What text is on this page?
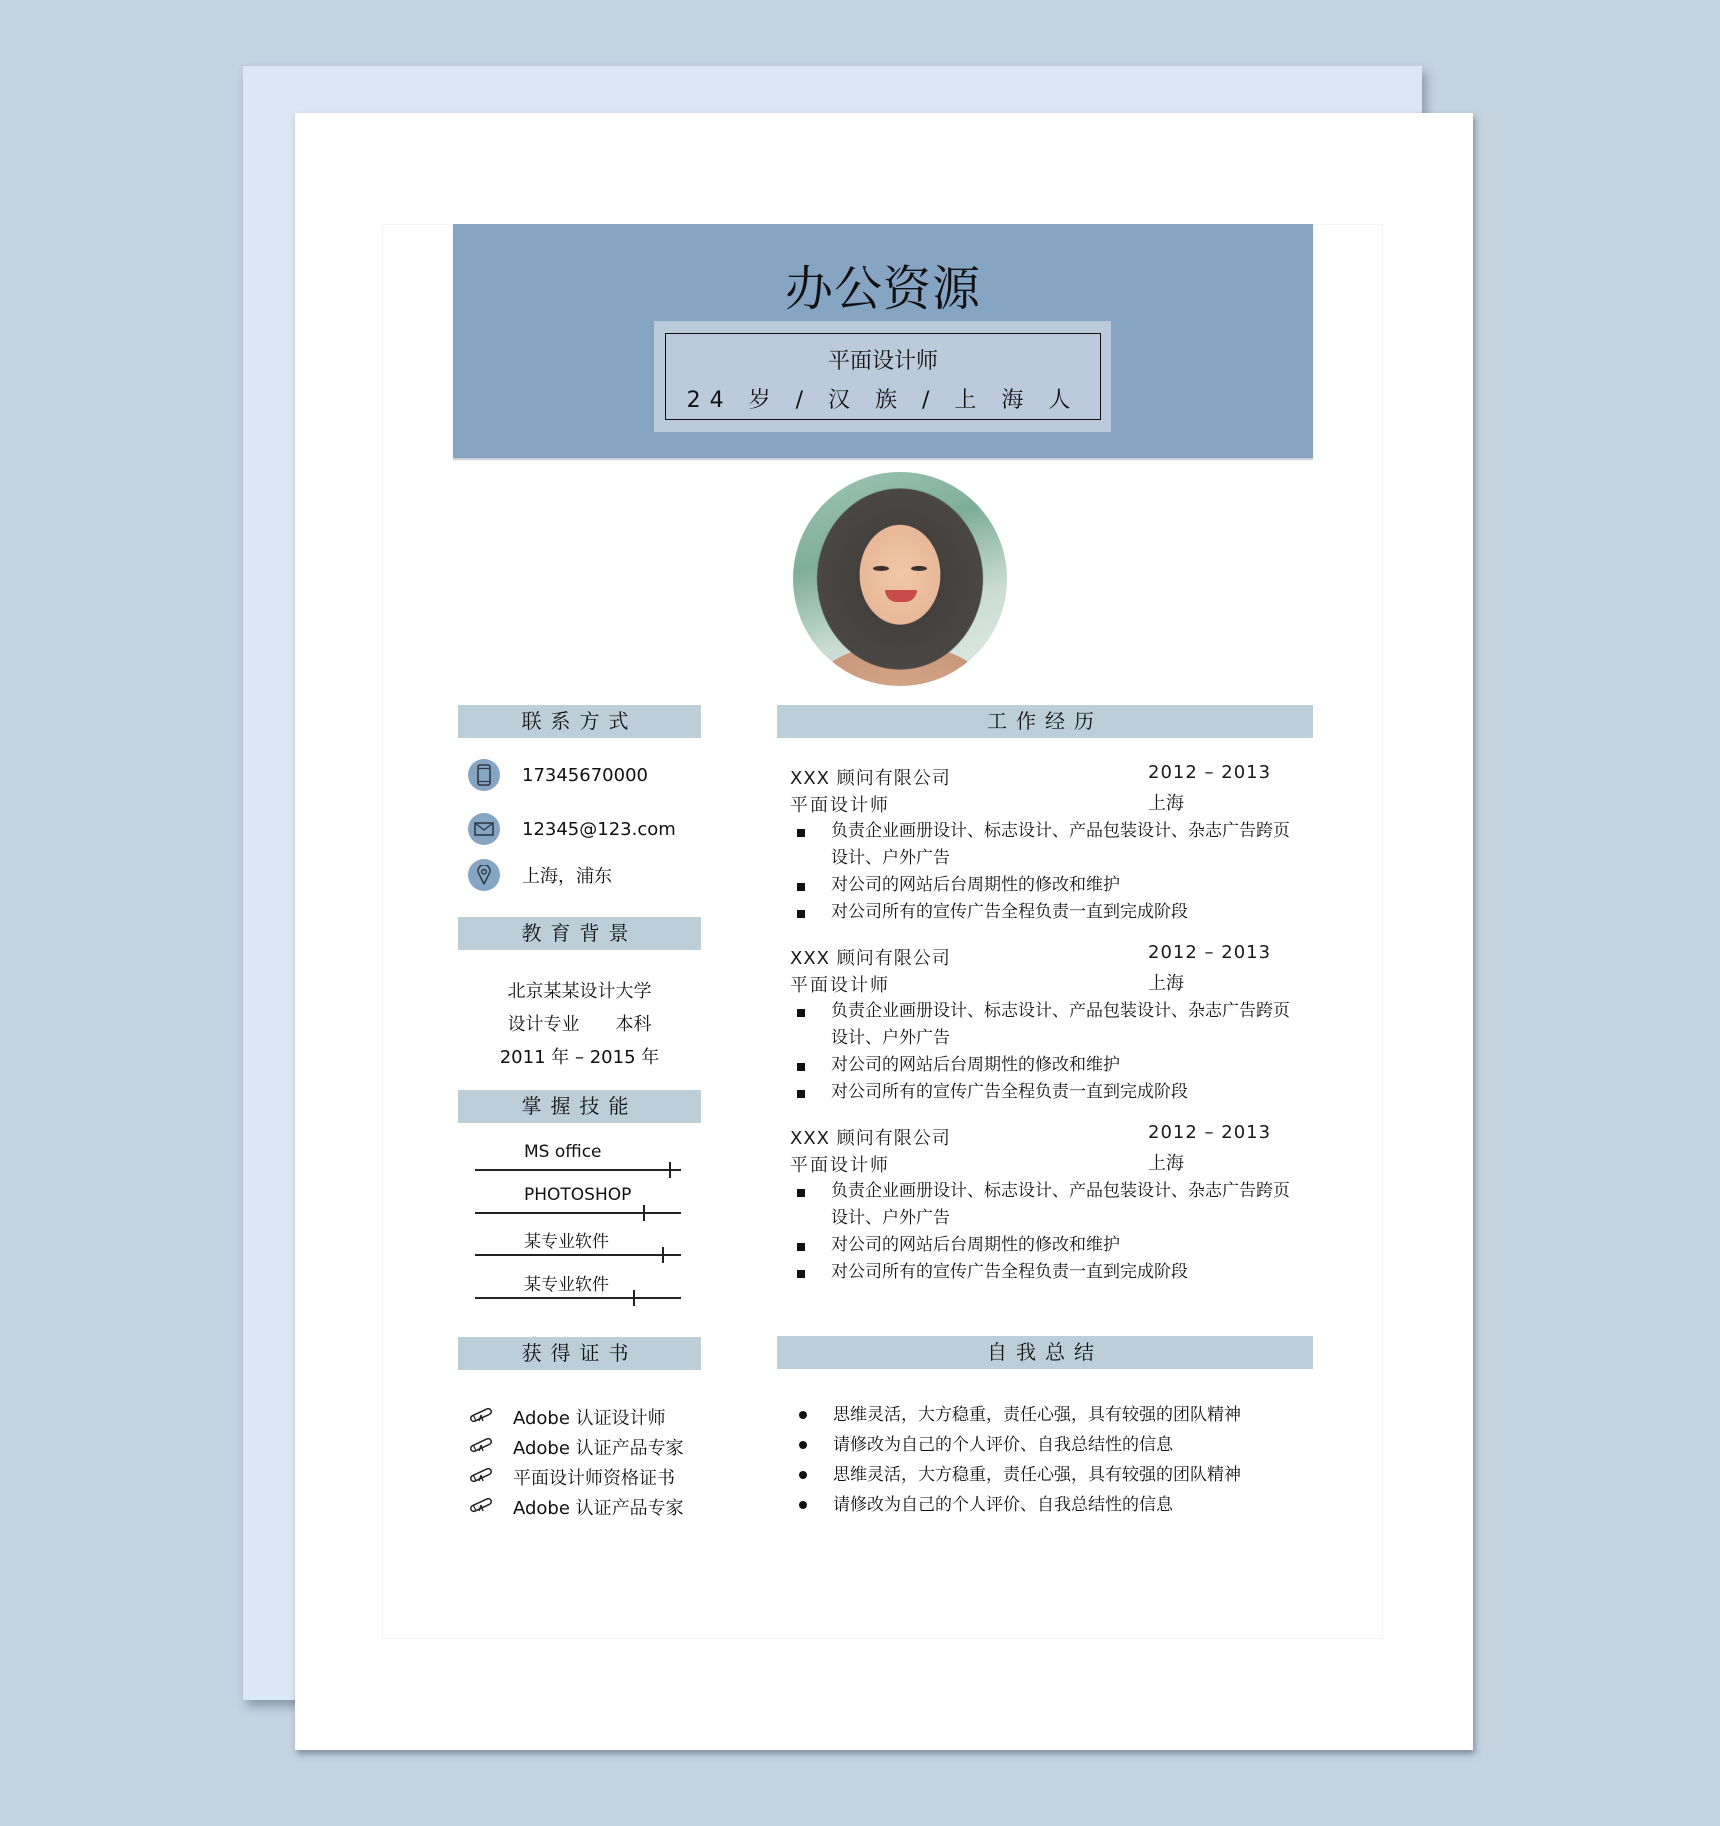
办公资源
平面设计师
24 岁 / 汉 族 / 上 海 人
联系方式
17345670000
12345@123.com
上海，浦东
教育背景
北京某某设计大学
设计专业　　本科
2011 年 – 2015 年
掌握技能
MS office
PHOTOSHOP
某专业软件
某专业软件
获得证书
Adobe 认证设计师
Adobe 认证产品专家
平面设计师资格证书
Adobe 认证产品专家
工作经历
XXX 顾问有限公司	2012 – 2013
平面设计师	上海
负责企业画册设计、标志设计、产品包装设计、杂志广告跨页设计、户外广告
对公司的网站后台周期性的修改和维护
对公司所有的宣传广告全程负责一直到完成阶段
XXX 顾问有限公司	2012 – 2013
平面设计师	上海
负责企业画册设计、标志设计、产品包装设计、杂志广告跨页设计、户外广告
对公司的网站后台周期性的修改和维护
对公司所有的宣传广告全程负责一直到完成阶段
XXX 顾问有限公司	2012 – 2013
平面设计师	上海
负责企业画册设计、标志设计、产品包装设计、杂志广告跨页设计、户外广告
对公司的网站后台周期性的修改和维护
对公司所有的宣传广告全程负责一直到完成阶段
自我总结
思维灵活，大方稳重，责任心强，具有较强的团队精神
请修改为自己的个人评价、自我总结性的信息
思维灵活，大方稳重，责任心强，具有较强的团队精神
请修改为自己的个人评价、自我总结性的信息
